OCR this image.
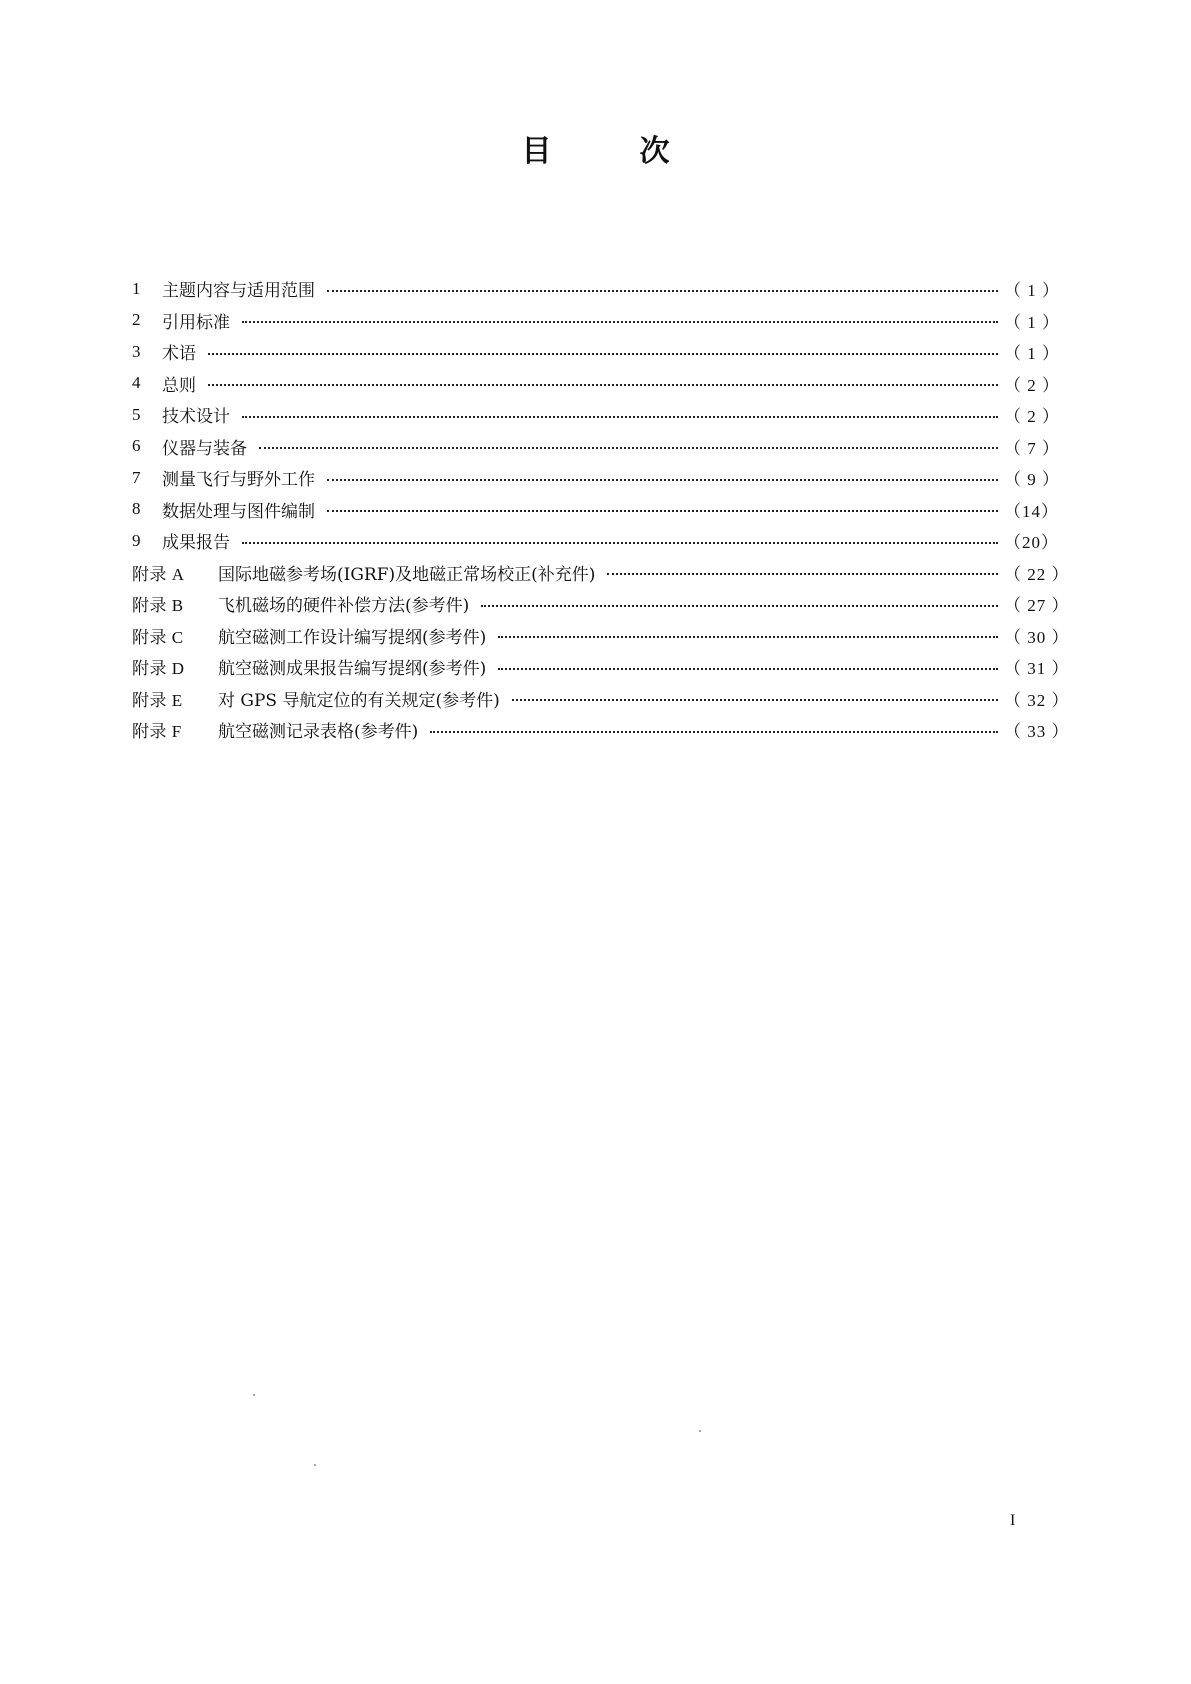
目	次
1	主题内容与适用范围	（ 1 ）
2	引用标准	（ 1 ）
3	术语	（ 1 ）
4	总则	（ 2 ）
5	技术设计	（ 2 ）
6	仪器与装备	（ 7 ）
7	测量飞行与野外工作	（ 9 ）
8	数据处理与图件编制	（14）
9	成果报告	（20）
附录 A	国际地磁参考场(IGRF)及地磁正常场校正(补充件)	（ 22 ）
附录 B	飞机磁场的硬件补偿方法(参考件)	（ 27 ）
附录 C	航空磁测工作设计编写提纲(参考件)	（ 30 ）
附录 D	航空磁测成果报告编写提纲(参考件)	（ 31 ）
附录 E	对 GPS 导航定位的有关规定(参考件)	（ 32 ）
附录 F	航空磁测记录表格(参考件)	（ 33 ）
I
